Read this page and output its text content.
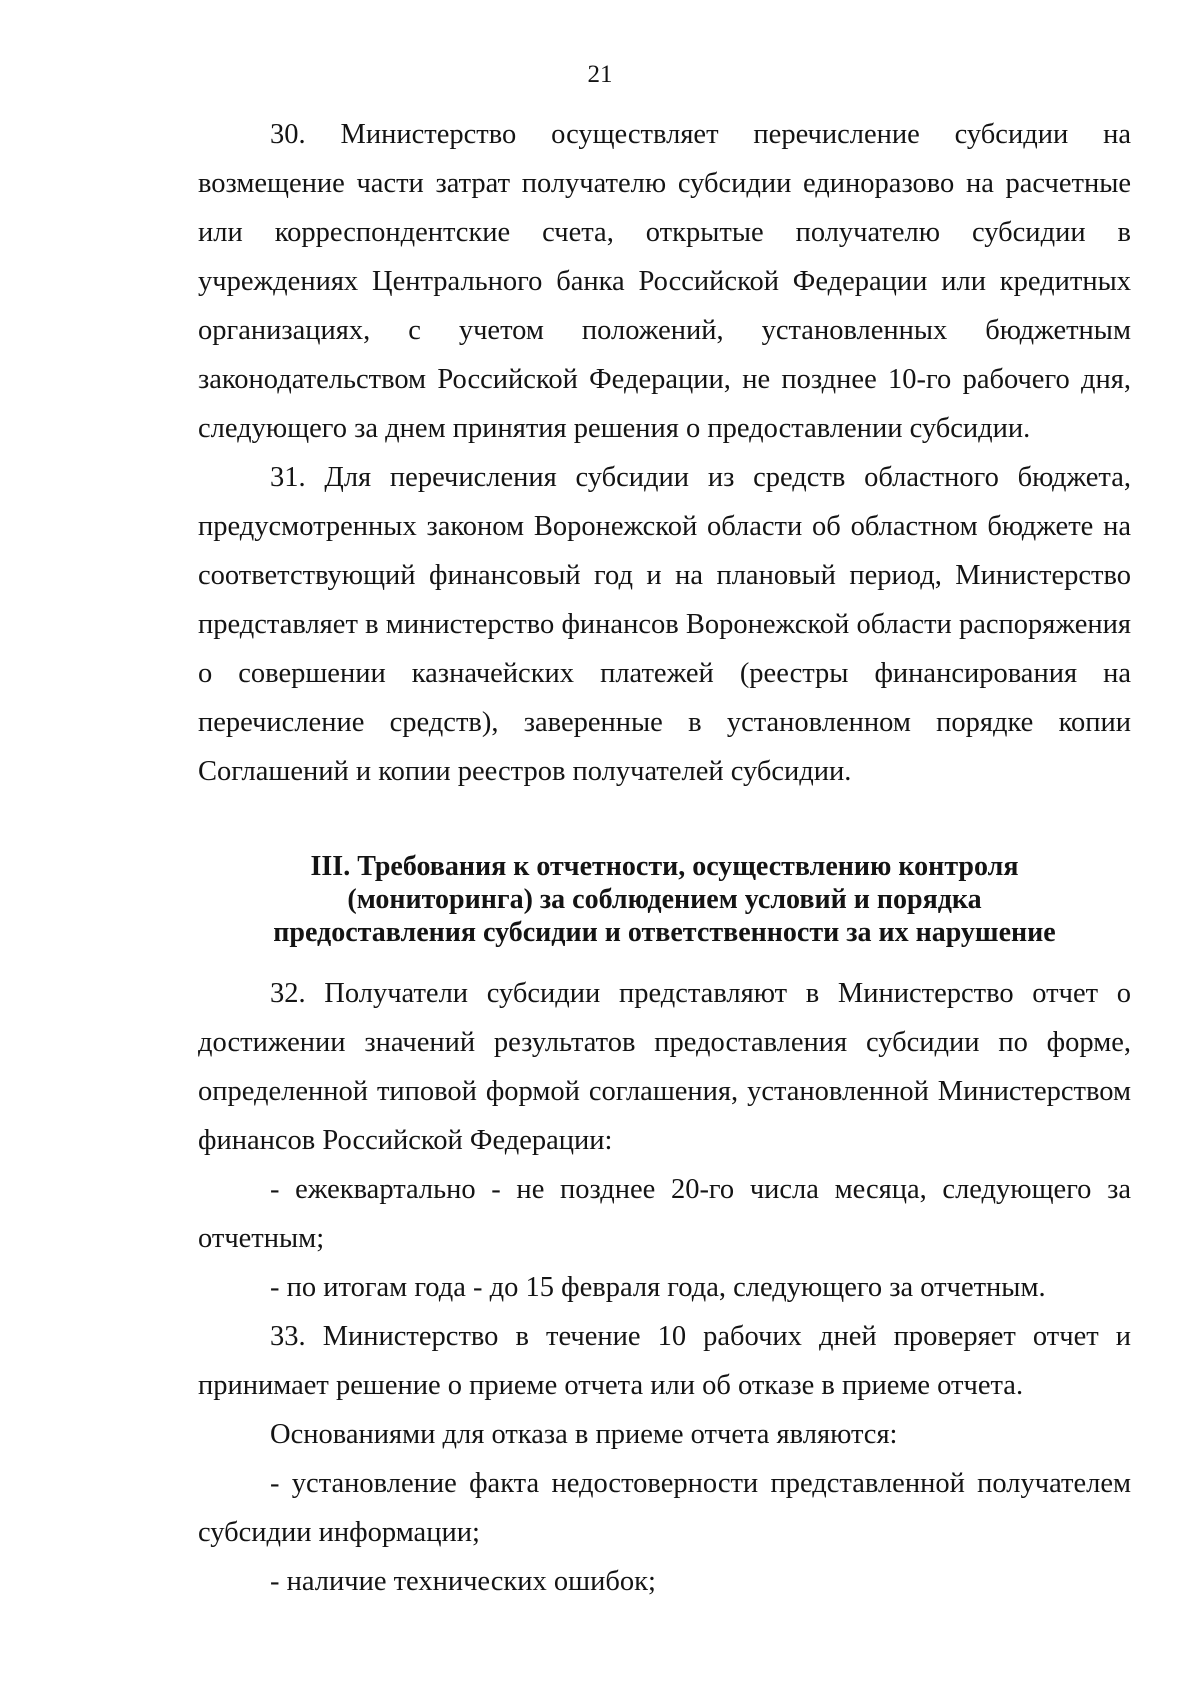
21

30. Министерство осуществляет перечисление субсидии на возмещение части затрат получателю субсидии единоразово на расчетные или корреспондентские счета, открытые получателю субсидии в учреждениях Центрального банка Российской Федерации или кредитных организациях, с учетом положений, установленных бюджетным законодательством Российской Федерации, не позднее 10-го рабочего дня, следующего за днем принятия решения о предоставлении субсидии.

31. Для перечисления субсидии из средств областного бюджета, предусмотренных законом Воронежской области об областном бюджете на соответствующий финансовый год и на плановый период, Министерство представляет в министерство финансов Воронежской области распоряжения о совершении казначейских платежей (реестры финансирования на перечисление средств), заверенные в установленном порядке копии Соглашений и копии реестров получателей субсидии.

III. Требования к отчетности, осуществлению контроля
(мониторинга) за соблюдением условий и порядка
предоставления субсидии и ответственности за их нарушение

32. Получатели субсидии представляют в Министерство отчет о достижении значений результатов предоставления субсидии по форме, определенной типовой формой соглашения, установленной Министерством финансов Российской Федерации:

- ежеквартально - не позднее 20-го числа месяца, следующего за отчетным;

- по итогам года - до 15 февраля года, следующего за отчетным.

33. Министерство в течение 10 рабочих дней проверяет отчет и принимает решение о приеме отчета или об отказе в приеме отчета.

Основаниями для отказа в приеме отчета являются:

- установление факта недостоверности представленной получателем субсидии информации;

- наличие технических ошибок;
